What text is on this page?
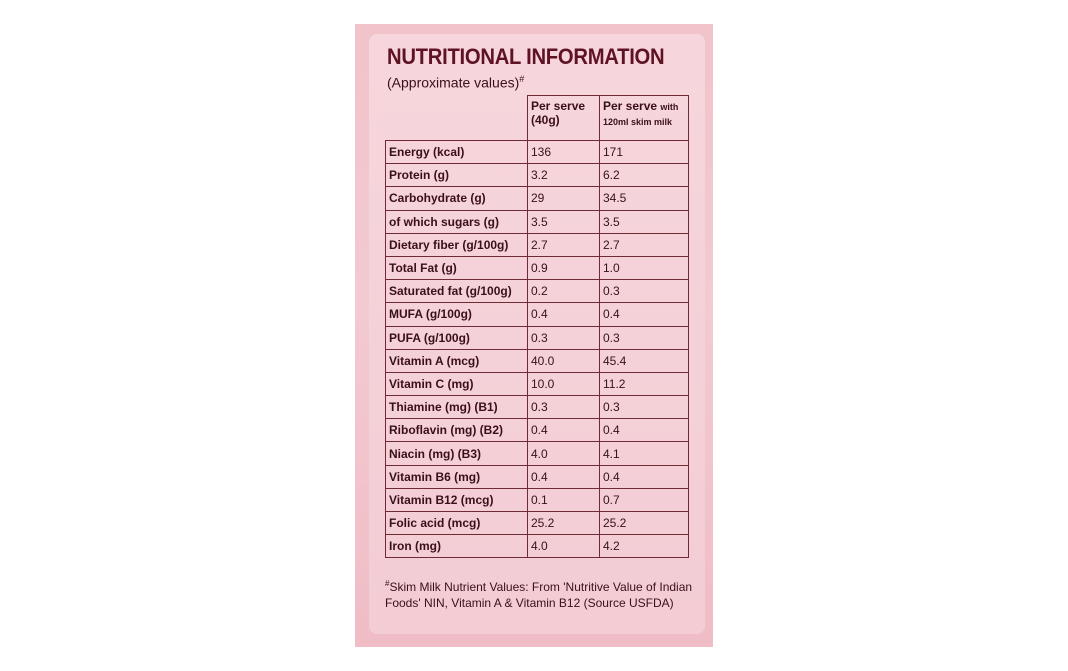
NUTRITIONAL INFORMATION
(Approximate values)#
	Per serve (40g)	Per serve with 120ml skim milk
Energy (kcal)	136	171
Protein (g)	3.2	6.2
Carbohydrate (g)	29	34.5
of which sugars (g)	3.5	3.5
Dietary fiber (g/100g)	2.7	2.7
Total Fat (g)	0.9	1.0
Saturated fat (g/100g)	0.2	0.3
MUFA (g/100g)	0.4	0.4
PUFA (g/100g)	0.3	0.3
Vitamin A (mcg)	40.0	45.4
Vitamin C (mg)	10.0	11.2
Thiamine (mg) (B1)	0.3	0.3
Riboflavin (mg) (B2)	0.4	0.4
Niacin (mg) (B3)	4.0	4.1
Vitamin B6 (mg)	0.4	0.4
Vitamin B12 (mcg)	0.1	0.7
Folic acid (mcg)	25.2	25.2
Iron (mg)	4.0	4.2
#Skim Milk Nutrient Values: From 'Nutritive Value of Indian Foods' NIN, Vitamin A & Vitamin B12 (Source USFDA)
